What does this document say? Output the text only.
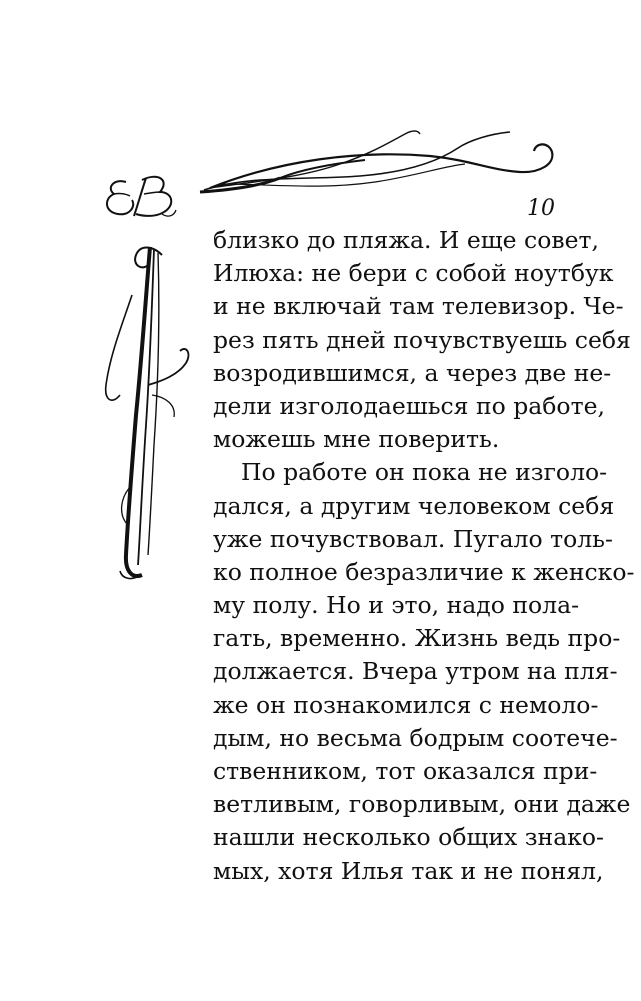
10
близко до пляжа. И еще совет,
Илюха: не бери с собой ноутбук
и не включай там телевизор. Че-
рез пять дней почувствуешь себя
возродившимся, а через две не-
дели изголодаешься по работе,
можешь мне поверить.
По работе он пока не изголо-
дался, а другим человеком себя
уже почувствовал. Пугало толь-
ко полное безразличие к женско-
му полу. Но и это, надо пола-
гать, временно. Жизнь ведь про-
должается. Вчера утром на пля-
же он познакомился с немоло-
дым, но весьма бодрым соотече-
ственником, тот оказался при-
ветливым, говорливым, они даже
нашли несколько общих знако-
мых, хотя Илья так и не понял,
